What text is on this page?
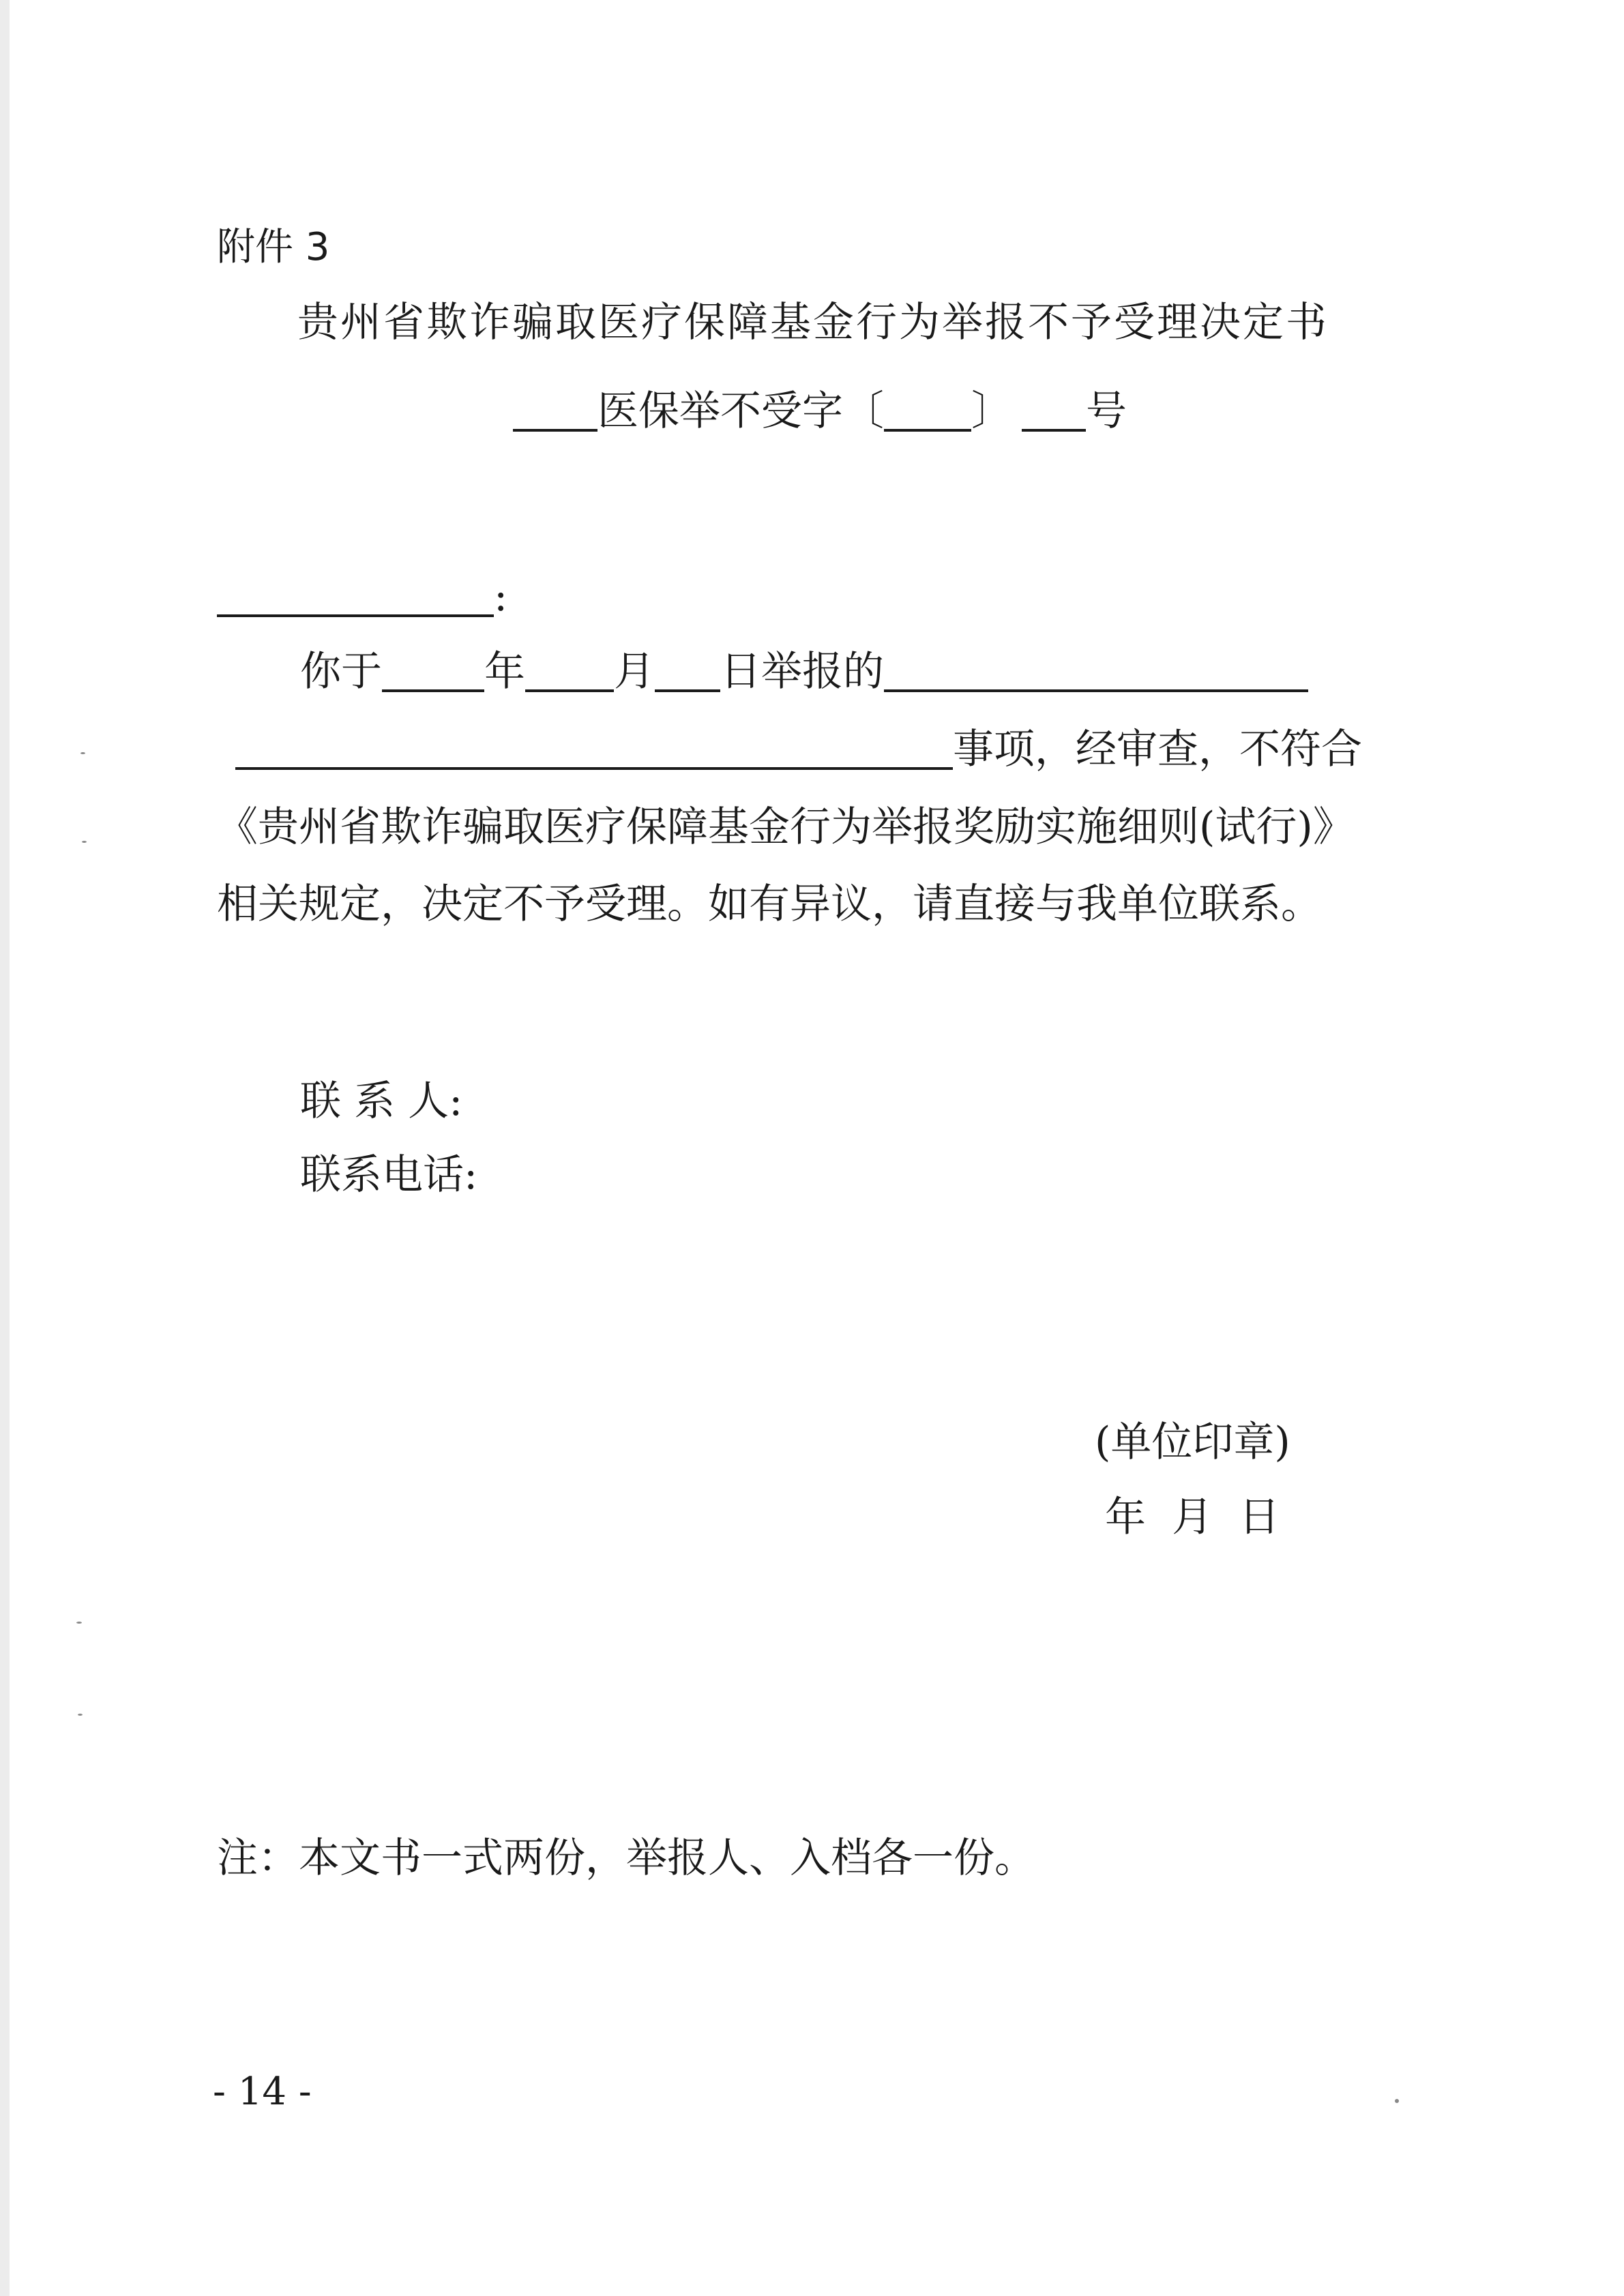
附件 3
贵州省欺诈骗取医疗保障基金行为举报不予受理决定书
医保举不受字〔 〕 号
:
你于	年 月 日举报的
事项，经审查，不符合
《贵州省欺诈骗取医疗保障基金行为举报奖励实施细则(试行)》
相关规定，决定不予受理。如有异议，请直接与我单位联系。
联 系 人:
联系电话:
(单位印章)
年  月  日
注：本文书一式两份，举报人、入档各一份。
- 14 -
